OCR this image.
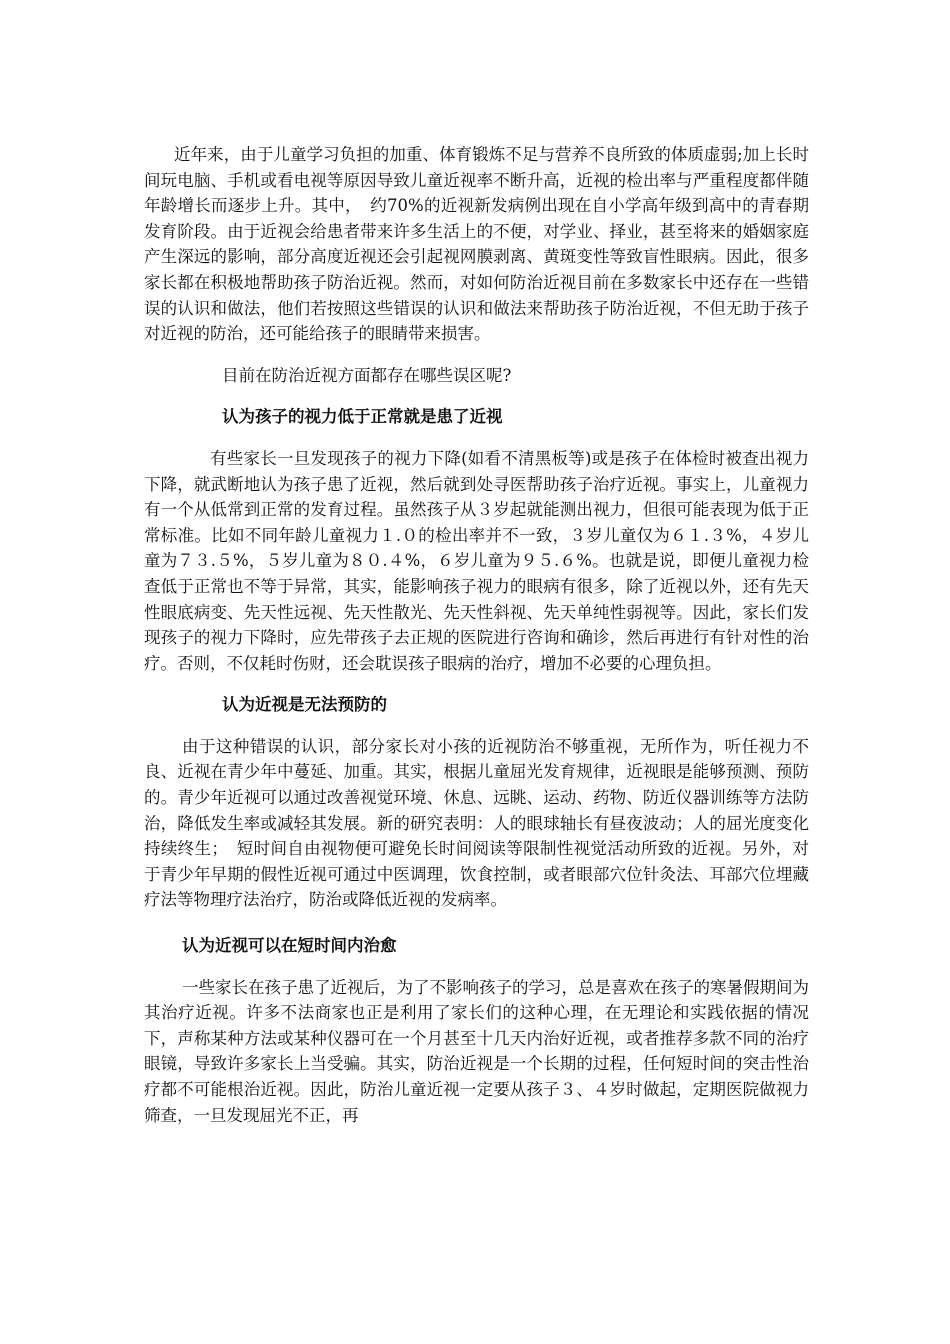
近年来，由于儿童学习负担的加重、体育锻炼不足与营养不良所致的体质虚弱;加上长时间玩电脑、手机或看电视等原因导致儿童近视率不断升高，近视的检出率与严重程度都伴随年龄增长而逐步上升。其中，　约70%的近视新发病例出现在自小学高年级到高中的青春期发育阶段。由于近视会给患者带来许多生活上的不便，对学业、择业，甚至将来的婚姻家庭产生深远的影响，部分高度近视还会引起视网膜剥离、黄斑变性等致盲性眼病。因此，很多家长都在积极地帮助孩子防治近视。然而，对如何防治近视目前在多数家长中还存在一些错误的认识和做法，他们若按照这些错误的认识和做法来帮助孩子防治近视，不但无助于孩子对近视的防治，还可能给孩子的眼睛带来损害。

目前在防治近视方面都存在哪些误区呢?

认为孩子的视力低于正常就是患了近视

有些家长一旦发现孩子的视力下降(如看不清黑板等)或是孩子在体检时被查出视力下降，就武断地认为孩子患了近视，然后就到处寻医帮助孩子治疗近视。事实上，儿童视力有一个从低常到正常的发育过程。虽然孩子从３岁起就能测出视力，但很可能表现为低于正常标准。比如不同年龄儿童视力１.０的检出率并不一致，３岁儿童仅为６１.３%，４岁儿童为７３.５%，５岁儿童为８０.４%，６岁儿童为９５.６%。也就是说，即便儿童视力检查低于正常也不等于异常，其实，能影响孩子视力的眼病有很多，除了近视以外，还有先天性眼底病变、先天性远视、先天性散光、先天性斜视、先天单纯性弱视等。因此，家长们发现孩子的视力下降时，应先带孩子去正规的医院进行咨询和确诊，然后再进行有针对性的治疗。否则，不仅耗时伤财，还会耽误孩子眼病的治疗，增加不必要的心理负担。

认为近视是无法预防的

由于这种错误的认识，部分家长对小孩的近视防治不够重视，无所作为，听任视力不良、近视在青少年中蔓延、加重。其实，根据儿童屈光发育规律，近视眼是能够预测、预防的。青少年近视可以通过改善视觉环境、休息、远眺、运动、药物、防近仪器训练等方法防治，降低发生率或减轻其发展。新的研究表明：人的眼球轴长有昼夜波动；人的屈光度变化持续终生；　短时间自由视物便可避免长时间阅读等限制性视觉活动所致的近视。另外，对于青少年早期的假性近视可通过中医调理，饮食控制，或者眼部穴位针灸法、耳部穴位埋藏疗法等物理疗法治疗，防治或降低近视的发病率。

认为近视可以在短时间内治愈

一些家长在孩子患了近视后，为了不影响孩子的学习，总是喜欢在孩子的寒暑假期间为其治疗近视。许多不法商家也正是利用了家长们的这种心理，在无理论和实践依据的情况下，声称某种方法或某种仪器可在一个月甚至十几天内治好近视，或者推荐多款不同的治疗眼镜，导致许多家长上当受骗。其实，防治近视是一个长期的过程，任何短时间的突击性治疗都不可能根治近视。因此，防治儿童近视一定要从孩子３、４岁时做起，定期医院做视力筛查，一旦发现屈光不正，再
